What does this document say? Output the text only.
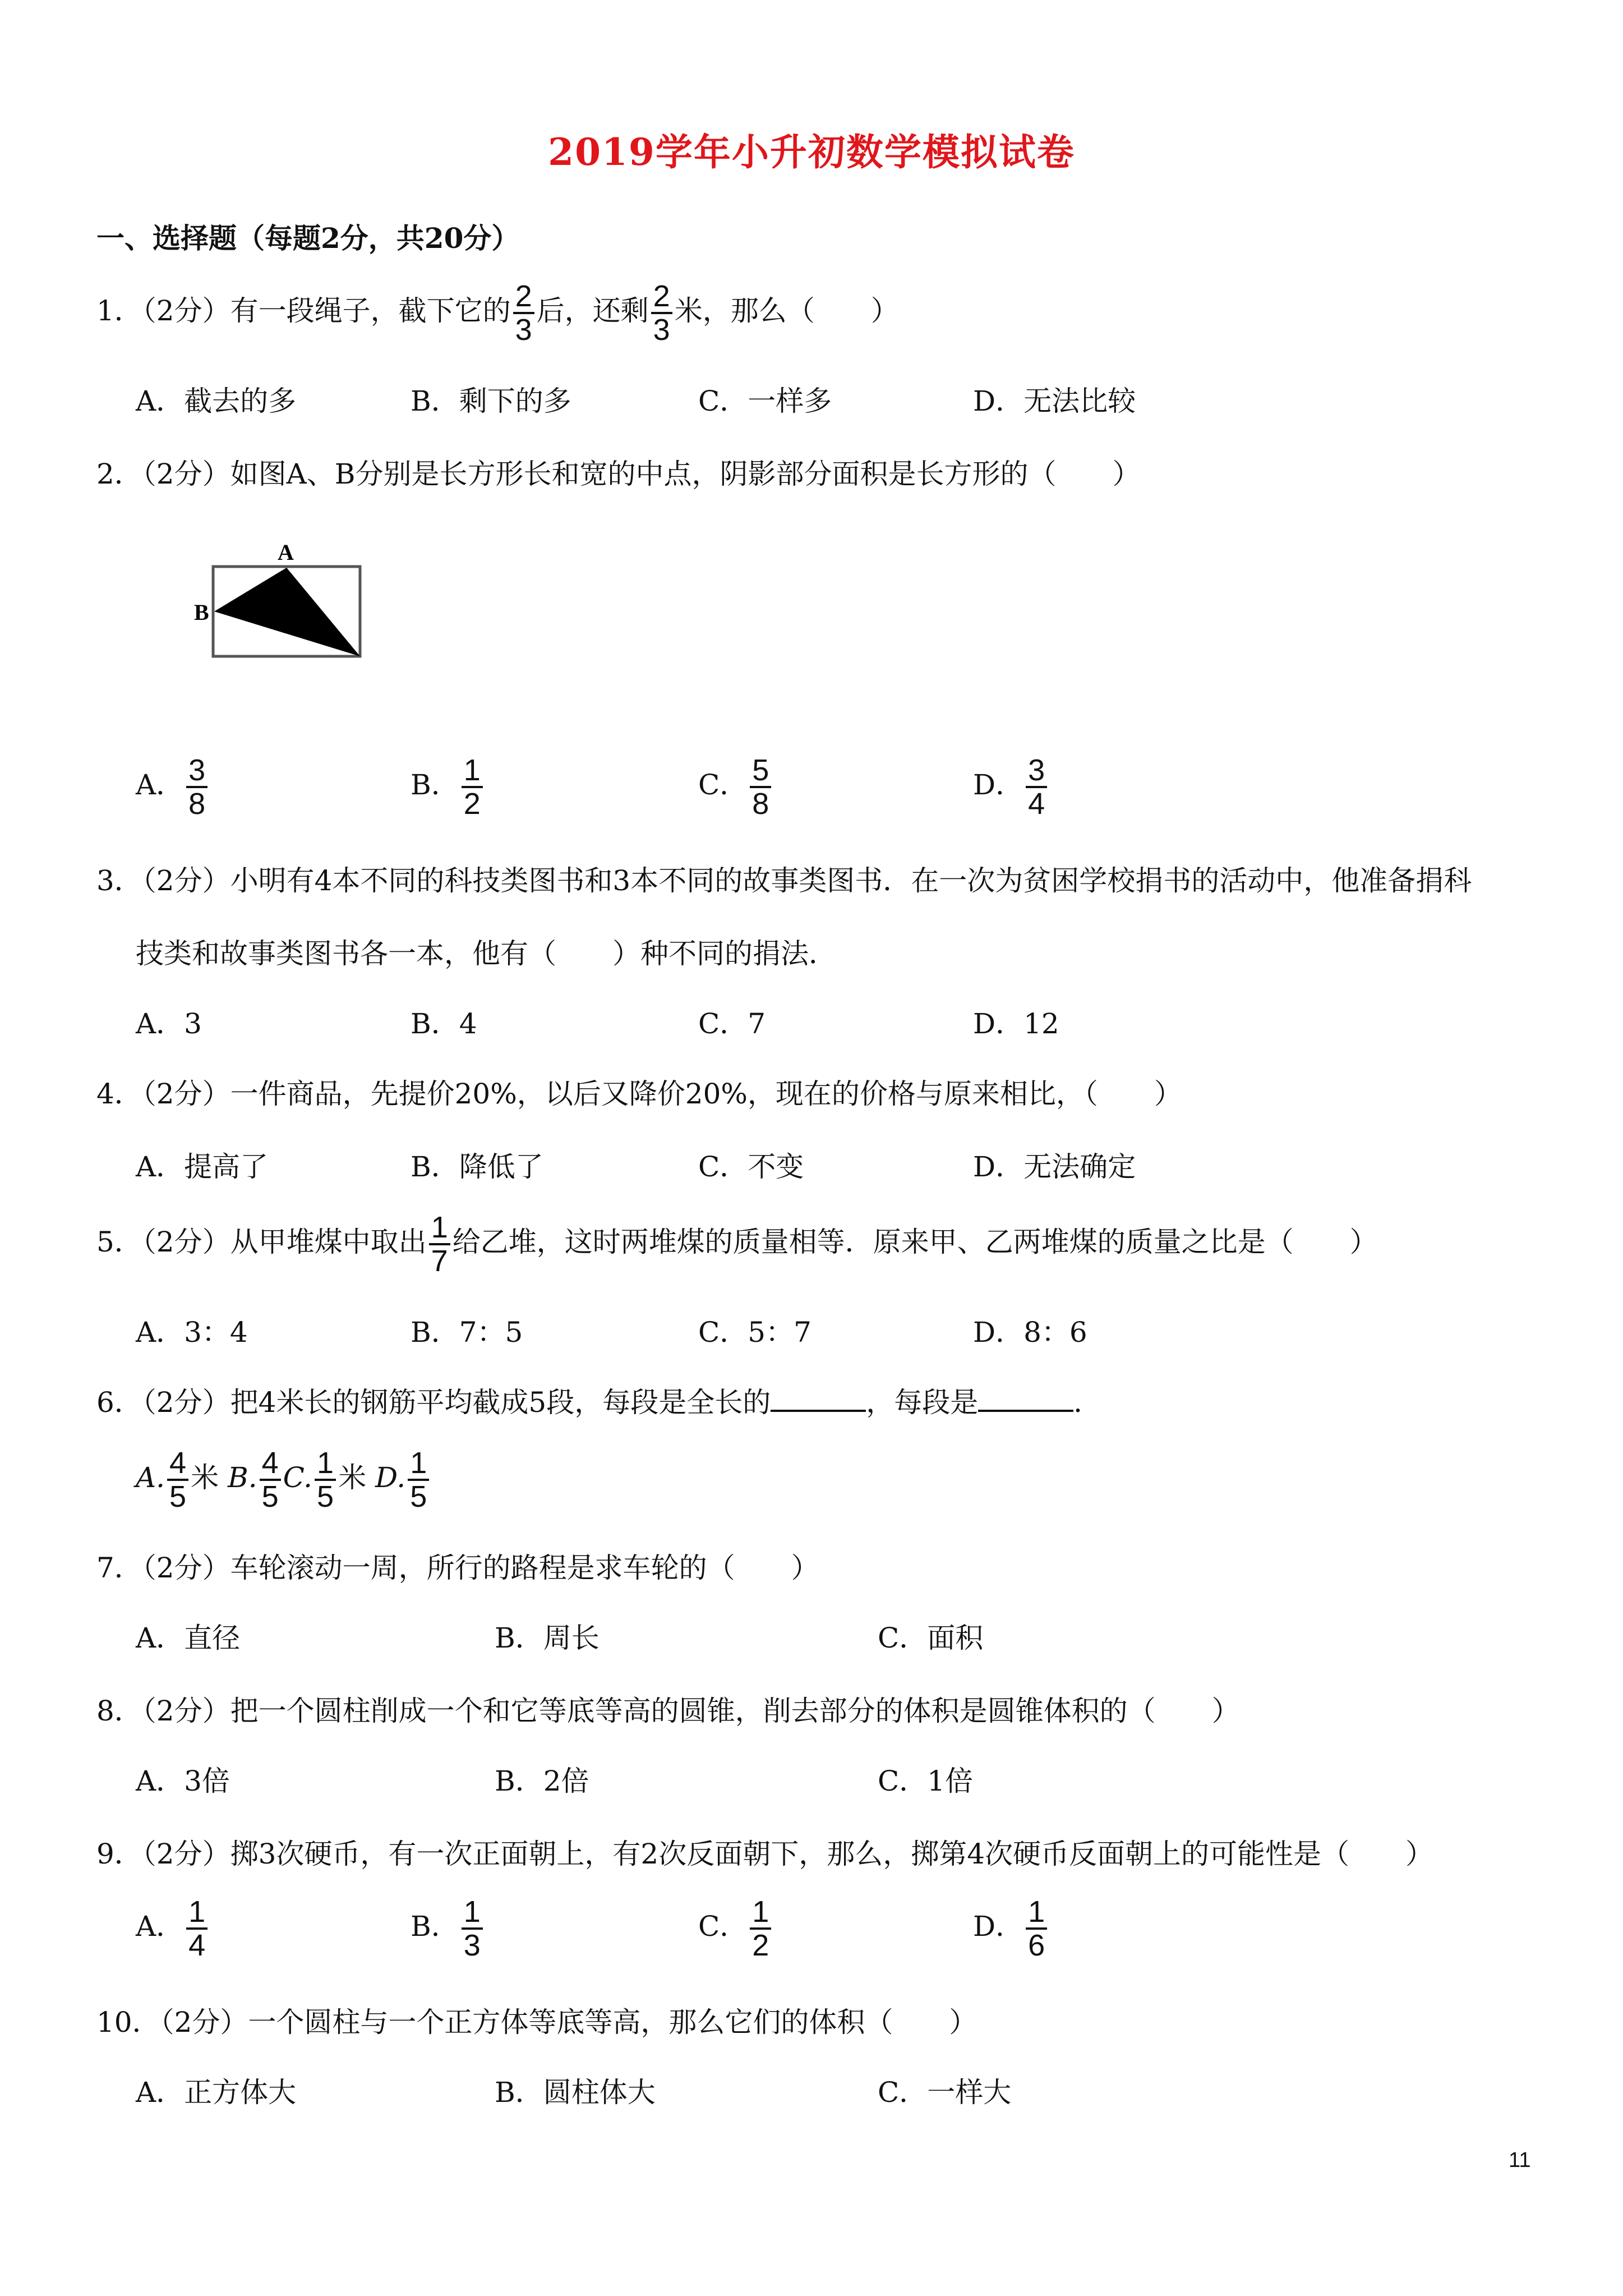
2019学年小升初数学模拟试卷
一、选择题（每题2分，共20分）
1．（2分）有一段绳子，截下它的 $\frac{2}{3}$ 后，还剩 $\frac{2}{3}$ 米，那么（　　）
A．截去的多	B．剩下的多	C．一样多	D．无法比较
2．（2分）如图A、B分别是长方形长和宽的中点，阴影部分面积是长方形的（　　）
A
B
A． $\frac{3}{8}$	B． $\frac{1}{2}$	C． $\frac{5}{8}$	D． $\frac{3}{4}$
3．（2分）小明有4本不同的科技类图书和3本不同的故事类图书．在一次为贫困学校捐书的活动中，他准备捐科
技类和故事类图书各一本，他有（　　）种不同的捐法．
A．3	B．4	C．7	D．12
4．（2分）一件商品，先提价20%，以后又降价20%，现在的价格与原来相比，（　　）
A．提高了	B．降低了	C．不变	D．无法确定
5．（2分）从甲堆煤中取出 $\frac{1}{7}$ 给乙堆，这时两堆煤的质量相等．原来甲、乙两堆煤的质量之比是（　　）
A．3：4	B．7：5	C．5：7	D．8：6
6．（2分）把4米长的钢筋平均截成5段，每段是全长的	，每段是	．
A. $\frac{4}{5}$ 米 B. $\frac{4}{5} C$. $\frac{1}{5}$ 米 D. $\frac{1}{5}$
7．（2分）车轮滚动一周，所行的路程是求车轮的（　　）
A．直径	B．周长	C．面积
8．（2分）把一个圆柱削成一个和它等底等高的圆锥，削去部分的体积是圆锥体积的（　　）
A．3倍	B．2倍	C．1倍
9．（2分）掷3次硬币，有一次正面朝上，有2次反面朝下，那么，掷第4次硬币反面朝上的可能性是（　　）
A． $\frac{1}{4}$	B． $\frac{1}{3}$	C． $\frac{1}{2}$	D． $\frac{1}{6}$
10．（2分）一个圆柱与一个正方体等底等高，那么它们的体积（　　）
A．正方体大	B．圆柱体大	C．一样大
11
